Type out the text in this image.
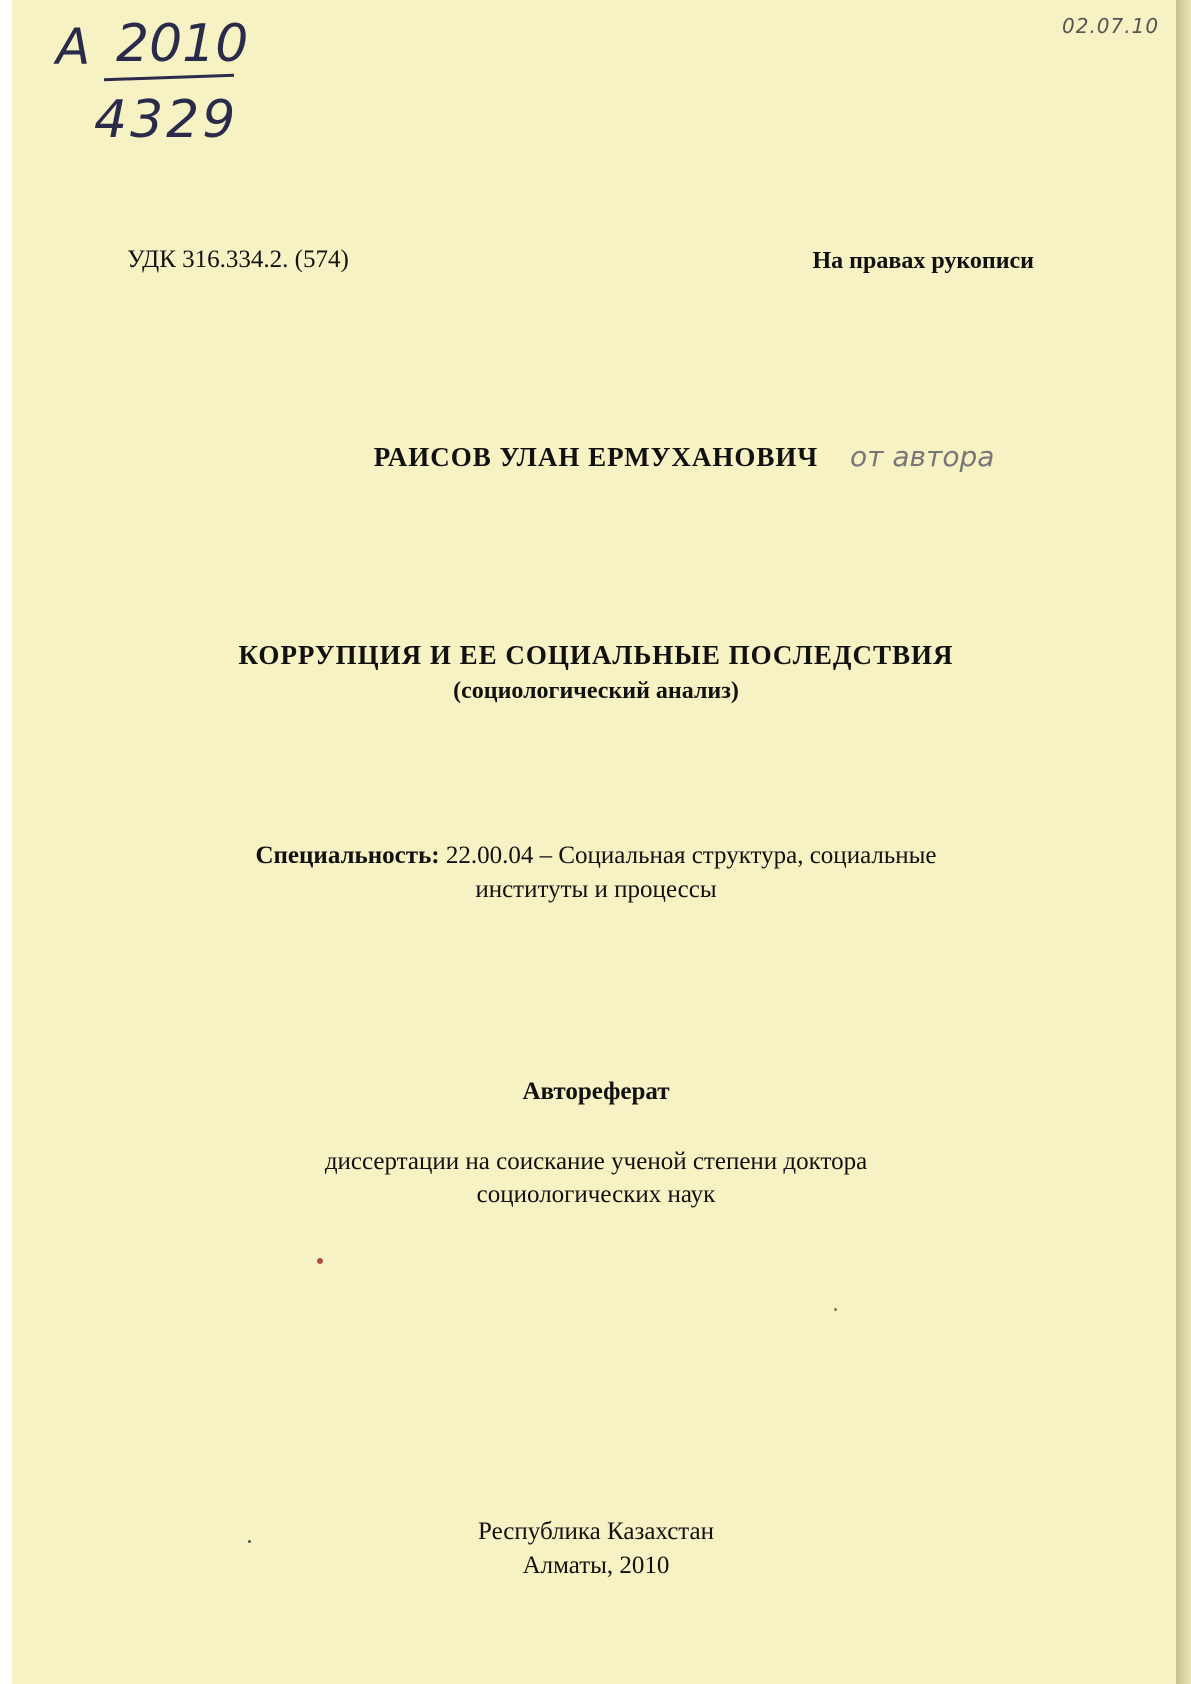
А 2010
4329
02.07.10
УДК 316.334.2. (574)	На правах рукописи
РАИСОВ УЛАН ЕРМУХАНОВИЧ	от автора
КОРРУПЦИЯ И ЕЕ СОЦИАЛЬНЫЕ ПОСЛЕДСТВИЯ
(социологический анализ)
Специальность: 22.00.04 – Социальная структура, социальные
институты и процессы
Автореферат
диссертации на соискание ученой степени доктора
социологических наук
Республика Казахстан
Алматы, 2010
